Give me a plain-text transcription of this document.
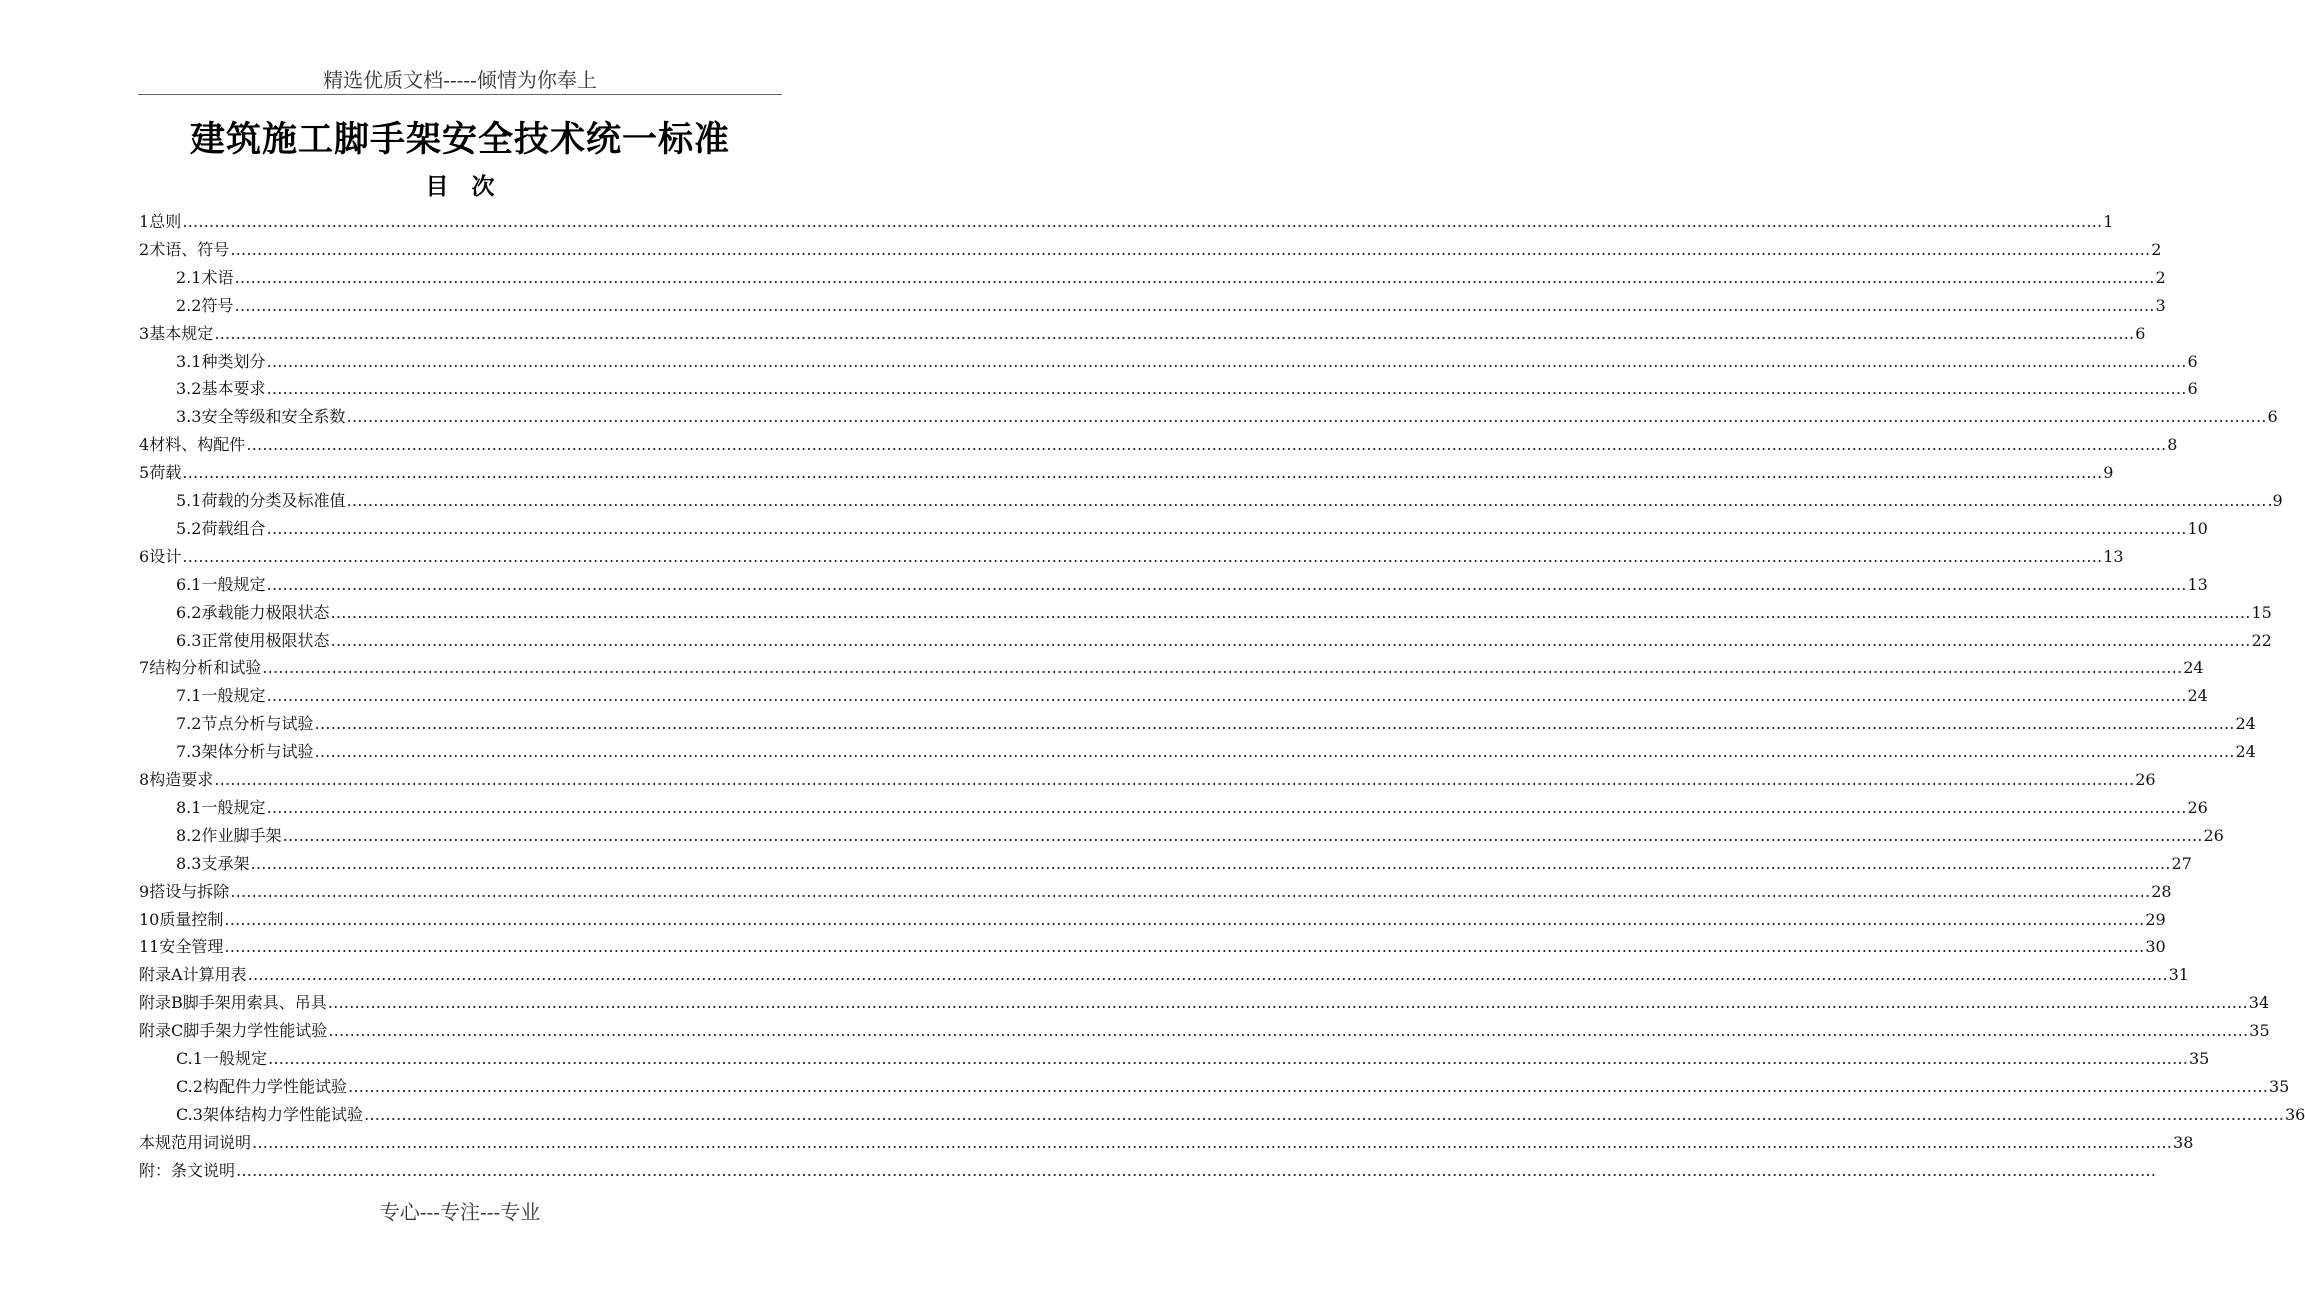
精选优质文档-----倾情为你奉上
建筑施工脚手架安全技术统一标准
目　次
1 总则 ……………………………………………………………………………………………………………………………………………………………………………………………………………………………………………………………………………………………………………………………… 1
2 术语、符号 ……………………………………………………………………………………………………………………………………………………………………………………………………………………………………………………………………………………………………………………………… 2
2.1 术语 ……………………………………………………………………………………………………………………………………………………………………………………………………………………………………………………………………………………………………………………………… 2
2.2 符号 ……………………………………………………………………………………………………………………………………………………………………………………………………………………………………………………………………………………………………………………………… 3
3 基本规定 ……………………………………………………………………………………………………………………………………………………………………………………………………………………………………………………………………………………………………………………………… 6
3.1 种类划分 ……………………………………………………………………………………………………………………………………………………………………………………………………………………………………………………………………………………………………………………………… 6
3.2 基本要求 ……………………………………………………………………………………………………………………………………………………………………………………………………………………………………………………………………………………………………………………………… 6
3.3 安全等级和安全系数 ……………………………………………………………………………………………………………………………………………………………………………………………………………………………………………………………………………………………………………………………… 6
4 材料、构配件 ……………………………………………………………………………………………………………………………………………………………………………………………………………………………………………………………………………………………………………………………… 8
5 荷载 ……………………………………………………………………………………………………………………………………………………………………………………………………………………………………………………………………………………………………………………………… 9
5.1 荷载的分类及标准值 ……………………………………………………………………………………………………………………………………………………………………………………………………………………………………………………………………………………………………………………………… .9
5.2 荷载组合 ……………………………………………………………………………………………………………………………………………………………………………………………………………………………………………………………………………………………………………………………… 10
6 设计 ……………………………………………………………………………………………………………………………………………………………………………………………………………………………………………………………………………………………………………………………… 13
6.1 一般规定 ……………………………………………………………………………………………………………………………………………………………………………………………………………………………………………………………………………………………………………………………… 13
6.2 承载能力极限状态 ……………………………………………………………………………………………………………………………………………………………………………………………………………………………………………………………………………………………………………………………… 15
6.3 正常使用极限状态 ……………………………………………………………………………………………………………………………………………………………………………………………………………………………………………………………………………………………………………………………… 22
7 结构分析和试验 ……………………………………………………………………………………………………………………………………………………………………………………………………………………………………………………………………………………………………………………………… 24
7.1 一般规定 ……………………………………………………………………………………………………………………………………………………………………………………………………………………………………………………………………………………………………………………………… 24
7.2 节点分析与试验 ……………………………………………………………………………………………………………………………………………………………………………………………………………………………………………………………………………………………………………………………… 24
7.3 架体分析与试验 ……………………………………………………………………………………………………………………………………………………………………………………………………………………………………………………………………………………………………………………………… 24
8 构造要求 ……………………………………………………………………………………………………………………………………………………………………………………………………………………………………………………………………………………………………………………………… 26
8.1 一般规定 ……………………………………………………………………………………………………………………………………………………………………………………………………………………………………………………………………………………………………………………………… 26
8.2 作业脚手架 ……………………………………………………………………………………………………………………………………………………………………………………………………………………………………………………………………………………………………………………………… 26
8.3 支承架 ……………………………………………………………………………………………………………………………………………………………………………………………………………………………………………………………………………………………………………………………… 27
9 搭设与拆除 ……………………………………………………………………………………………………………………………………………………………………………………………………………………………………………………………………………………………………………………………… 28
10 质量控制 ……………………………………………………………………………………………………………………………………………………………………………………………………………………………………………………………………………………………………………………………… 29
11 安全管理 ……………………………………………………………………………………………………………………………………………………………………………………………………………………………………………………………………………………………………………………………… 30
附录A 计算用表 ……………………………………………………………………………………………………………………………………………………………………………………………………………………………………………………………………………………………………………………………… 31
附录B 脚手架用索具、吊具 ……………………………………………………………………………………………………………………………………………………………………………………………………………………………………………………………………………………………………………………………… 34
附录C 脚手架力学性能试验 ……………………………………………………………………………………………………………………………………………………………………………………………………………………………………………………………………………………………………………………………… 35
C.1 一般规定 ……………………………………………………………………………………………………………………………………………………………………………………………………………………………………………………………………………………………………………………………… 35
C.2 构配件力学性能试验 ……………………………………………………………………………………………………………………………………………………………………………………………………………………………………………………………………………………………………………………………… 35
C.3 架体结构力学性能试验 ……………………………………………………………………………………………………………………………………………………………………………………………………………………………………………………………………………………………………………………………… 36
本规范用词说明 ……………………………………………………………………………………………………………………………………………………………………………………………………………………………………………………………………………………………………………………………… 38
附：条文说明 ………………………………………………………………………………………………………………………………………………………………………………………………………………………………………………………………………………………………………………………………
专心---专注---专业
